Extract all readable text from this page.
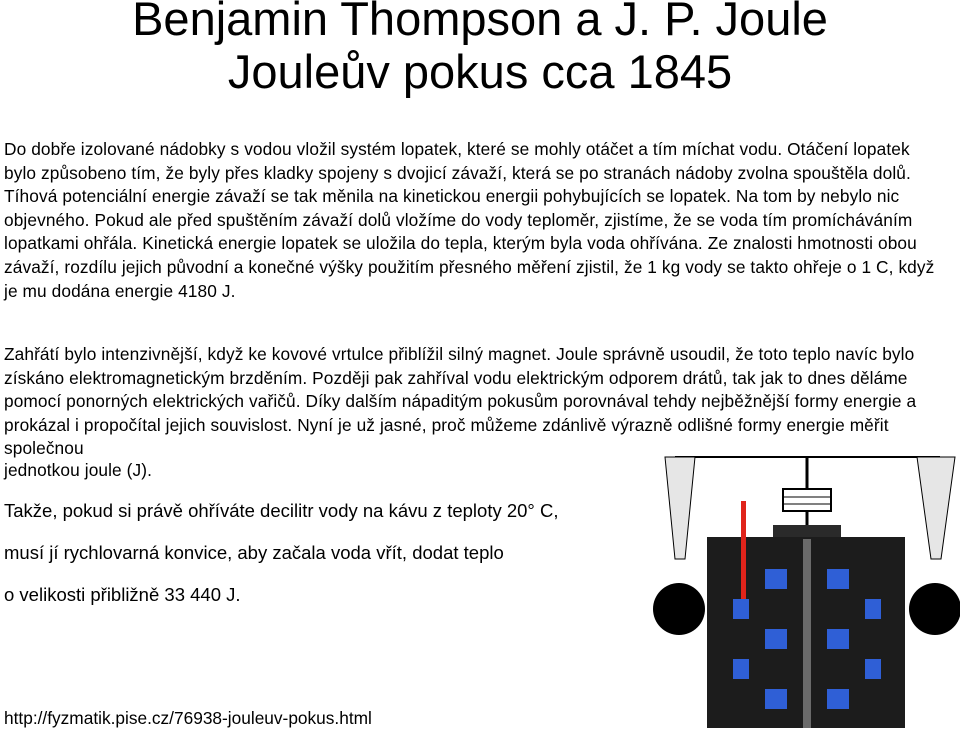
Benjamin Thompson a J. P. Joule
Jouleův pokus cca 1845

Do dobře izolované nádobky s vodou vložil systém lopatek, které se mohly otáčet a tím míchat vodu. Otáčení lopatek bylo způsobeno tím, že byly přes kladky spojeny s dvojicí závaží, která se po stranách nádoby zvolna spouštěla dolů. Tíhová potenciální energie závaží se tak měnila na kinetickou energii pohybujících se lopatek. Na tom by nebylo nic objevného. Pokud ale před spuštěním závaží dolů vložíme do vody teploměr, zjistíme, že se voda tím promícháváním lopatkami ohřála. Kinetická energie lopatek se uložila do tepla, kterým byla voda ohřívána. Ze znalosti hmotnosti obou závaží, rozdílu jejich původní a konečné výšky použitím přesného měření zjistil, že 1 kg vody se takto ohřeje o 1 C, když je mu dodána energie 4180 J.

Zahřátí bylo intenzivnější, když ke kovové vrtulce přiblížil silný magnet. Joule správně usoudil, že toto teplo navíc bylo získáno elektromagnetickým brzděním. Později pak zahříval vodu elektrickým odporem drátů, tak jak to dnes děláme pomocí ponorných elektrických vařičů. Díky dalším nápaditým pokusům porovnával tehdy nejběžnější formy energie a prokázal i propočítal jejich souvislost. Nyní je už jasné, proč můžeme zdánlivě výrazně odlišné formy energie měřit společnou

jednotkou joule (J).

Takže, pokud si právě ohříváte decilitr vody na kávu z teploty 20° C,

musí jí rychlovarná konvice, aby začala voda vřít, dodat teplo

o velikosti přibližně 33 440 J.

http://fyzmatik.pise.cz/76938-jouleuv-pokus.html
